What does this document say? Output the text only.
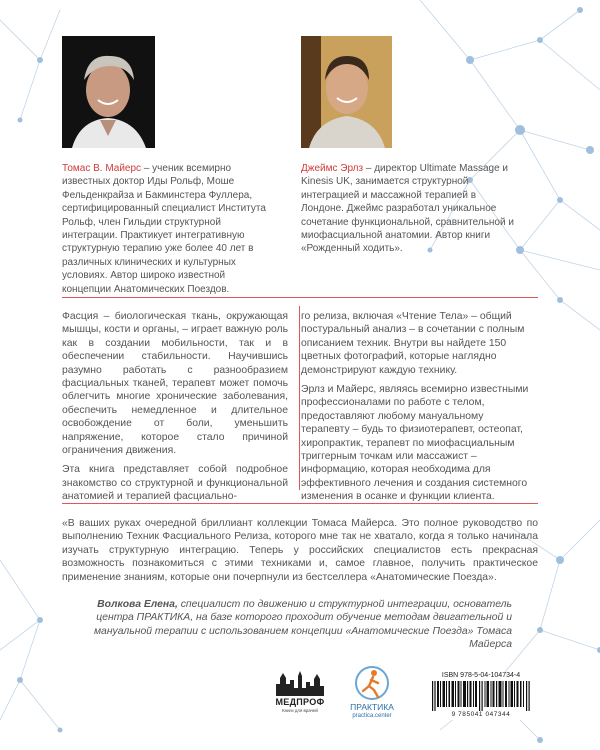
Томас В. Майерс – ученик всемирно известных доктор Иды Рольф, Моше Фельденкрайза и Бакминстера Фуллера, сертифицированный специалист Института Рольф, член Гильдии структурной интеграции. Практикует интегративную структурную терапию уже более 40 лет в различных клинических и культурных условиях. Автор широко известной концепции Анатомических Поездов.
Джеймс Эрлз – директор Ultimate Massage и Kinesis UK, занимается структурной интеграцией и массажной терапией в Лондоне. Джеймс разработал уникальное сочетание функциональной, сравнительной и миофасциальной анатомии. Автор книги «Рожденный ходить».

Фасция – биологическая ткань, окружающая мышцы, кости и органы, – играет важную роль как в создании мобильности, так и в обеспечении стабильности. Научившись разумно работать с разнообразием фасциальных тканей, терапевт может помочь облегчить многие хронические заболевания, обеспечить немедленное и длительное освобождение от боли, уменьшить напряжение, которое стало причиной ограничения движения.

Эта книга представляет собой подробное знакомство со структурной и функциональной анатомией и терапией фасциально-

го релиза, включая «Чтение Тела» – общий постуральный анализ – в сочетании с полным описанием техник. Внутри вы найдете 150 цветных фотографий, которые наглядно демонстрируют каждую технику.

Эрлз и Майерс, являясь всемирно известными профессионалами по работе с телом, предоставляют любому мануальному терапевту – будь то физиотерапевт, остеопат, хиропрактик, терапевт по миофасциальным триггерным точкам или массажист – информацию, которая необходима для эффективного лечения и создания системного изменения в осанке и функции клиента.

«В ваших руках очередной бриллиант коллекции Томаса Майерса. Это полное руководство по выполнению Техник Фасциального Релиза, которого мне так не хватало, когда я только начинала изучать структурную интеграцию. Теперь у российских специалистов есть прекрасная возможность познакомиться с этими техниками и, самое главное, получить практическое применение знаниям, которые они почерпнули из бестселлера «Анатомические Поезда».
Волкова Елена, специалист по движению и структурной интеграции, основатель центра ПРАКТИКА, на базе которого проходит обучение методам двигательной и мануальной терапии с использованием концепции «Анатомические Поезда» Томаса Майерса
МЕДПРОФ
Книги для врачей	ПРАКТИКА
practica.center
ISBN 978-5-04-104734-4
9 785041 047344
